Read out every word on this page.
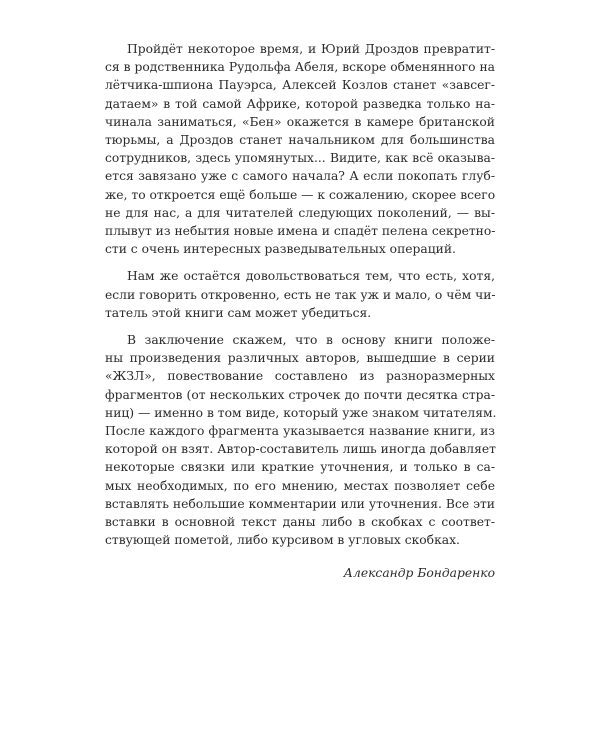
Пройдёт некоторое время, и Юрий Дроздов превратит-
ся в родственника Рудольфа Абеля, вскоре обменянного на
лётчика-шпиона Пауэрса, Алексей Козлов станет «завсег-
датаем» в той самой Африке, которой разведка только на-
чинала заниматься, «Бен» окажется в камере британской
тюрьмы, а Дроздов станет начальником для большинства
сотрудников, здесь упомянутых... Видите, как всё оказыва-
ется завязано уже с самого начала? А если покопать глуб-
же, то откроется ещё больше — к сожалению, скорее всего
не для нас, а для читателей следующих поколений, — вы-
плывут из небытия новые имена и спадёт пелена секретно-
сти с очень интересных разведывательных операций.
Нам же остаётся довольствоваться тем, что есть, хотя,
если говорить откровенно, есть не так уж и мало, о чём чи-
татель этой книги сам может убедиться.
В заключение скажем, что в основу книги положе-
ны произведения различных авторов, вышедшие в серии
«ЖЗЛ», повествование составлено из разноразмерных
фрагментов (от нескольких строчек до почти десятка стра-
ниц) — именно в том виде, который уже знаком читателям.
После каждого фрагмента указывается название книги, из
которой он взят. Автор-составитель лишь иногда добавляет
некоторые связки или краткие уточнения, и только в са-
мых необходимых, по его мнению, местах позволяет себе
вставлять небольшие комментарии или уточнения. Все эти
вставки в основной текст даны либо в скобках с соответ-
ствующей пометой, либо курсивом в угловых скобках.
Александр Бондаренко
